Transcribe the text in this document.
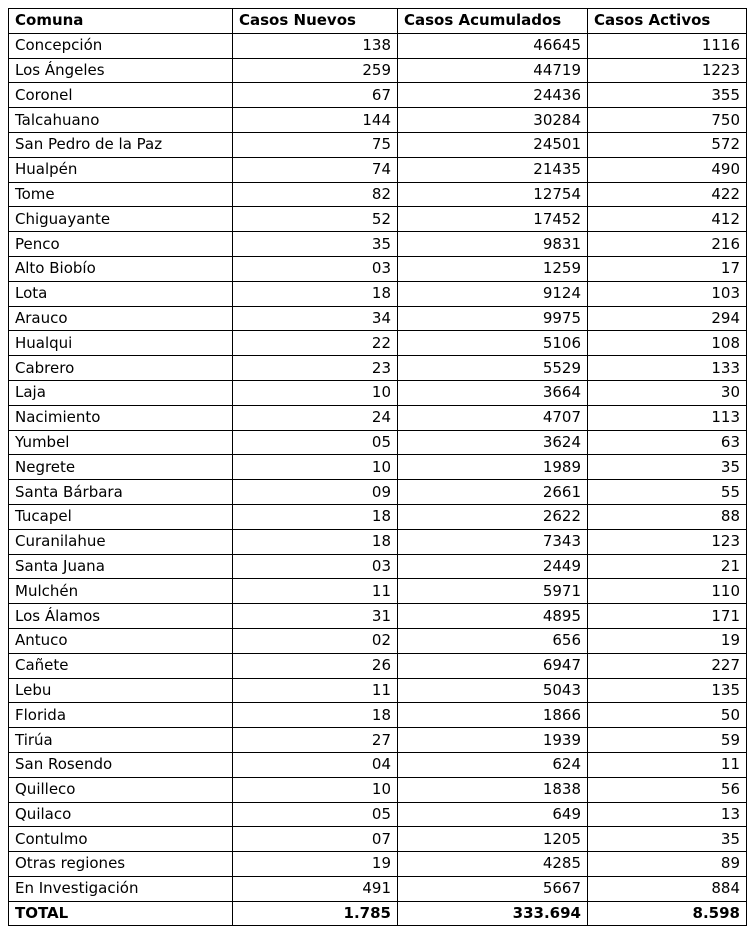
Comuna	Casos Nuevos	Casos Acumulados	Casos Activos
Concepción	138	46645	1116
Los Ángeles	259	44719	1223
Coronel	67	24436	355
Talcahuano	144	30284	750
San Pedro de la Paz	75	24501	572
Hualpén	74	21435	490
Tome	82	12754	422
Chiguayante	52	17452	412
Penco	35	9831	216
Alto Biobío	03	1259	17
Lota	18	9124	103
Arauco	34	9975	294
Hualqui	22	5106	108
Cabrero	23	5529	133
Laja	10	3664	30
Nacimiento	24	4707	113
Yumbel	05	3624	63
Negrete	10	1989	35
Santa Bárbara	09	2661	55
Tucapel	18	2622	88
Curanilahue	18	7343	123
Santa Juana	03	2449	21
Mulchén	11	5971	110
Los Álamos	31	4895	171
Antuco	02	656	19
Cañete	26	6947	227
Lebu	11	5043	135
Florida	18	1866	50
Tirúa	27	1939	59
San Rosendo	04	624	11
Quilleco	10	1838	56
Quilaco	05	649	13
Contulmo	07	1205	35
Otras regiones	19	4285	89
En Investigación	491	5667	884
TOTAL	1.785	333.694	8.598
